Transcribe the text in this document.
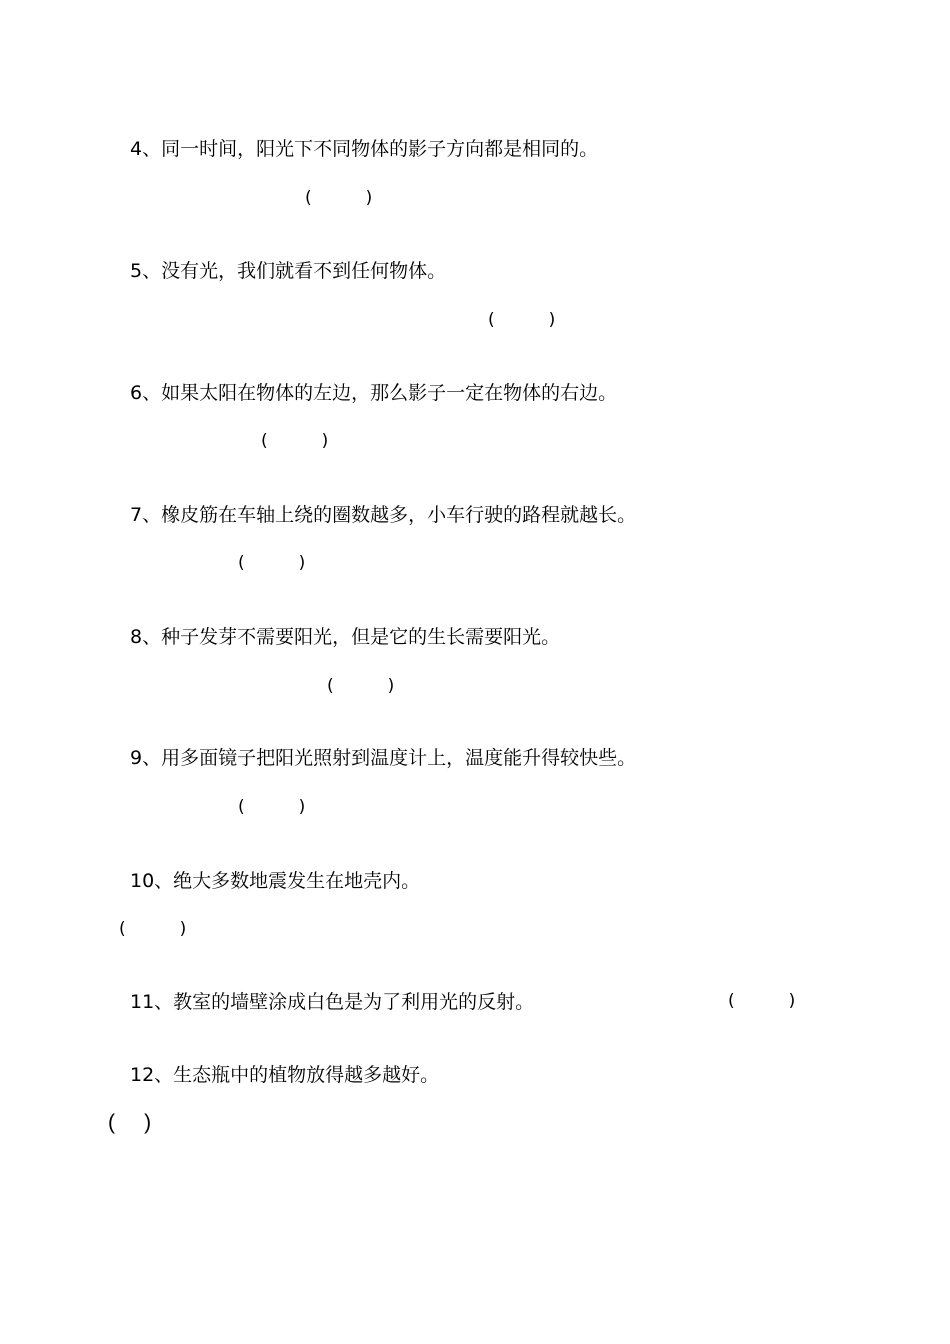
4、同一时间，阳光下不同物体的影子方向都是相同的。
(          )
5、没有光，我们就看不到任何物体。
(          )
6、如果太阳在物体的左边，那么影子一定在物体的右边。
(          )
7、橡皮筋在车轴上绕的圈数越多，小车行驶的路程就越长。
(          )
8、种子发芽不需要阳光，但是它的生长需要阳光。
(          )
9、用多面镜子把阳光照射到温度计上，温度能升得较快些。
(          )
10、绝大多数地震发生在地壳内。
(          )
11、教室的墙壁涂成白色是为了利用光的反射。	(          )
12、生态瓶中的植物放得越多越好。
(     )
